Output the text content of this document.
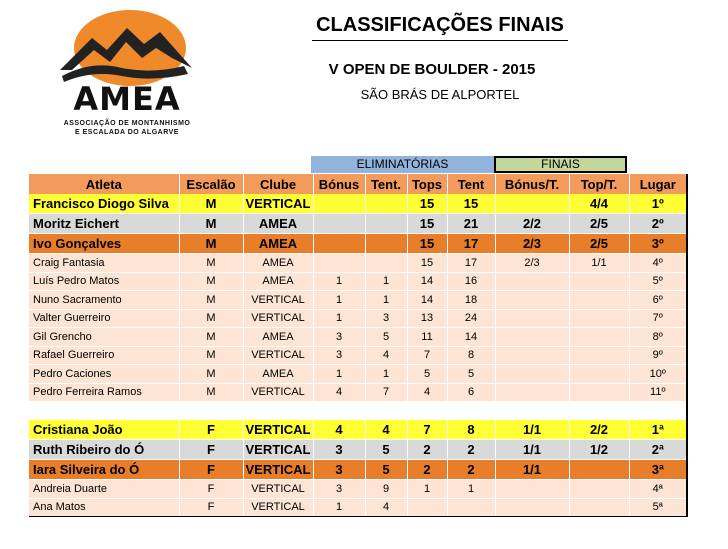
AMEA
ASSOCIAÇÃO DE MONTANHISMO
E ESCALADA DO ALGARVE
CLASSIFICAÇÕES FINAIS
V OPEN DE BOULDER - 2015
SÃO BRÁS DE ALPORTEL
ELIMINATÓRIAS	FINAIS
Atleta	Escalão	Clube	Bónus	Tent.	Tops	Tent	Bónus/T.	Top/T.	Lugar
Francisco Diogo Silva	M	VERTICAL			15	15		4/4	1º
Moritz Eichert	M	AMEA			15	21	2/2	2/5	2º
Ivo Gonçalves	M	AMEA			15	17	2/3	2/5	3º
Craig Fantasia	M	AMEA			15	17	2/3	1/1	4º
Luís Pedro Matos	M	AMEA	1	1	14	16			5º
Nuno Sacramento	M	VERTICAL	1	1	14	18			6º
Valter Guerreiro	M	VERTICAL	1	3	13	24			7º
Gil Grencho	M	AMEA	3	5	11	14			8º
Rafael Guerreiro	M	VERTICAL	3	4	7	8			9º
Pedro Caciones	M	AMEA	1	1	5	5			10º
Pedro Ferreira Ramos	M	VERTICAL	4	7	4	6			11º

Cristiana João	F	VERTICAL	4	4	7	8	1/1	2/2	1ª
Ruth Ribeiro do Ó	F	VERTICAL	3	5	2	2	1/1	1/2	2ª
Iara Silveira do Ó	F	VERTICAL	3	5	2	2	1/1		3ª
Andreia Duarte	F	VERTICAL	3	9	1	1			4ª
Ana Matos	F	VERTICAL	1	4					5ª
